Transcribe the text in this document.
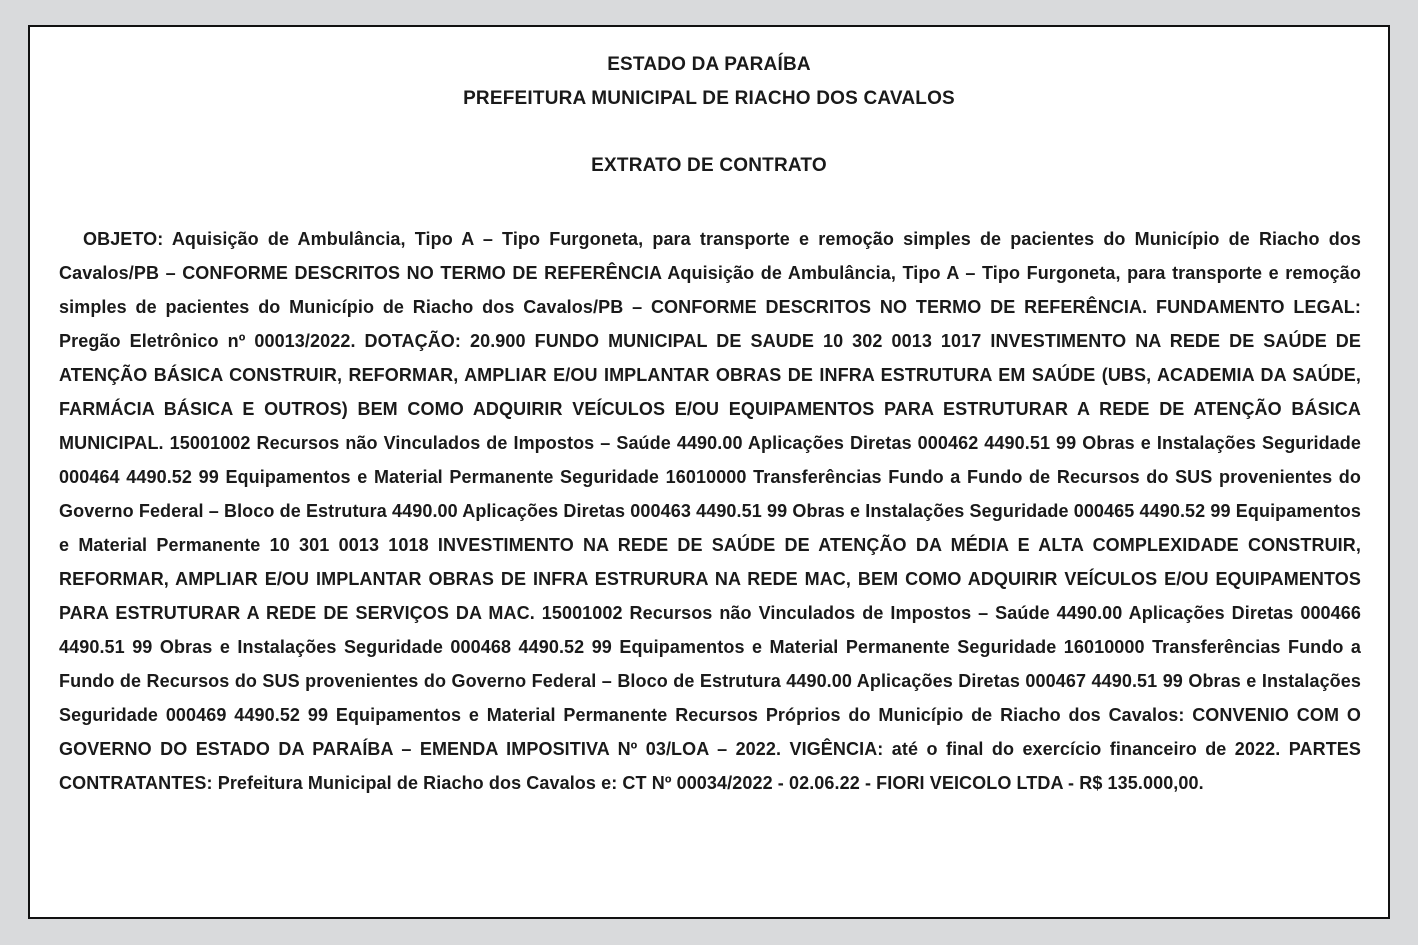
ESTADO DA PARAÍBA
PREFEITURA MUNICIPAL DE RIACHO DOS CAVALOS
EXTRATO DE CONTRATO

OBJETO: Aquisição de Ambulância, Tipo A – Tipo Furgoneta, para transporte e remoção simples de pacientes do Município de Riacho dos Cavalos/PB – CONFORME DESCRITOS NO TERMO DE REFERÊNCIA Aquisição de Ambulância, Tipo A – Tipo Furgoneta, para transporte e remoção simples de pacientes do Município de Riacho dos Cavalos/PB – CONFORME DESCRITOS NO TERMO DE REFERÊNCIA. FUNDAMENTO LEGAL: Pregão Eletrônico nº 00013/2022. DOTAÇÃO: 20.900 FUNDO MUNICIPAL DE SAUDE 10 302 0013 1017 INVESTIMENTO NA REDE DE SAÚDE DE ATENÇÃO BÁSICA CONSTRUIR, REFORMAR, AMPLIAR E/OU IMPLANTAR OBRAS DE INFRA ESTRUTURA EM SAÚDE (UBS, ACADEMIA DA SAÚDE, FARMÁCIA BÁSICA E OUTROS) BEM COMO ADQUIRIR VEÍCULOS E/OU EQUIPAMENTOS PARA ESTRUTURAR A REDE DE ATENÇÃO BÁSICA MUNICIPAL. 15001002 Recursos não Vinculados de Impostos – Saúde 4490.00 Aplicações Diretas 000462 4490.51 99 Obras e Instalações Seguridade 000464 4490.52 99 Equipamentos e Material Permanente Seguridade 16010000 Transferências Fundo a Fundo de Recursos do SUS provenientes do Governo Federal – Bloco de Estrutura 4490.00 Aplicações Diretas 000463 4490.51 99 Obras e Instalações Seguridade 000465 4490.52 99 Equipamentos e Material Permanente 10 301 0013 1018 INVESTIMENTO NA REDE DE SAÚDE DE ATENÇÃO DA MÉDIA E ALTA COMPLEXIDADE CONSTRUIR, REFORMAR, AMPLIAR E/OU IMPLANTAR OBRAS DE INFRA ESTRURURA NA REDE MAC, BEM COMO ADQUIRIR VEÍCULOS E/OU EQUIPAMENTOS PARA ESTRUTURAR A REDE DE SERVIÇOS DA MAC. 15001002 Recursos não Vinculados de Impostos – Saúde 4490.00 Aplicações Diretas 000466 4490.51 99 Obras e Instalações Seguridade 000468 4490.52 99 Equipamentos e Material Permanente Seguridade 16010000 Transferências Fundo a Fundo de Recursos do SUS provenientes do Governo Federal – Bloco de Estrutura 4490.00 Aplicações Diretas 000467 4490.51 99 Obras e Instalações Seguridade 000469 4490.52 99 Equipamentos e Material Permanente Recursos Próprios do Município de Riacho dos Cavalos: CONVENIO COM O GOVERNO DO ESTADO DA PARAÍBA – EMENDA IMPOSITIVA Nº 03/LOA – 2022. VIGÊNCIA: até o final do exercício financeiro de 2022. PARTES CONTRATANTES: Prefeitura Municipal de Riacho dos Cavalos e: CT Nº 00034/2022 - 02.06.22 - FIORI VEICOLO LTDA - R$ 135.000,00.
